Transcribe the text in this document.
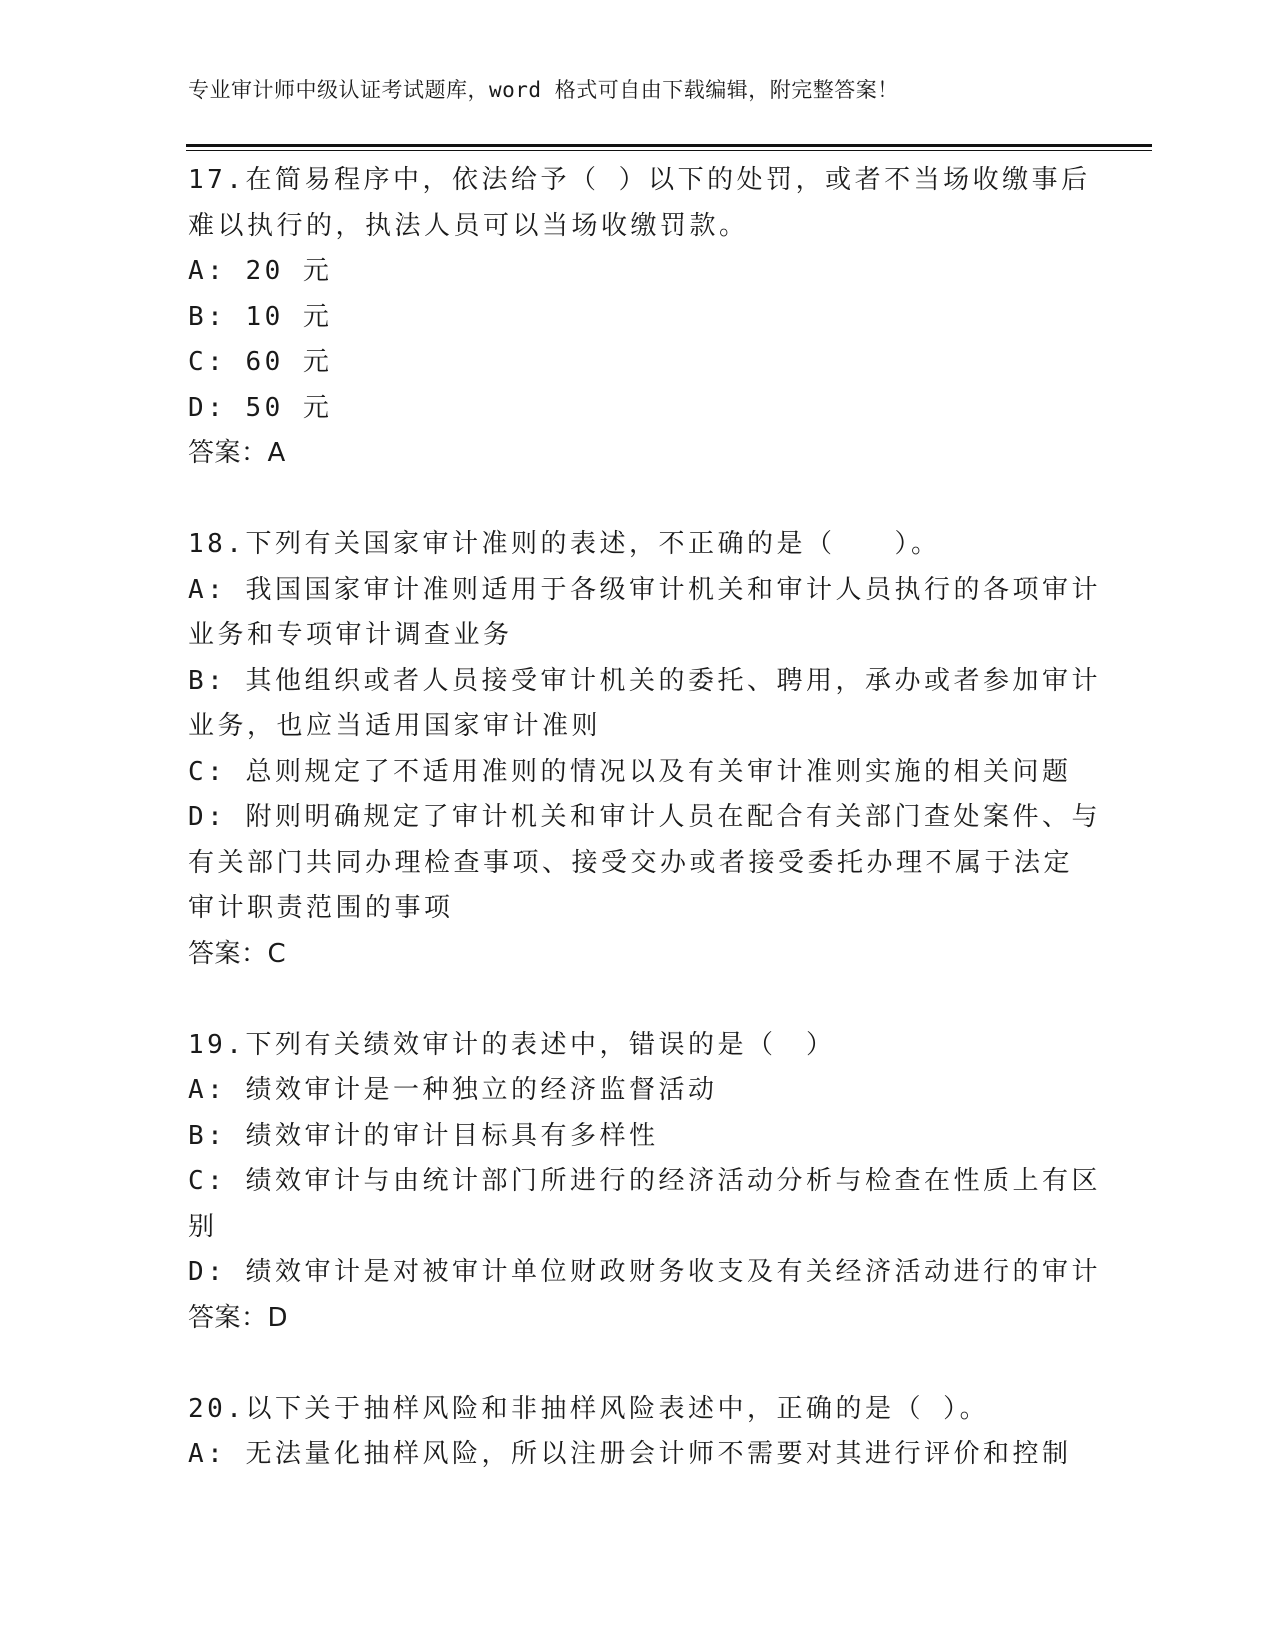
专业审计师中级认证考试题库，word 格式可自由下载编辑，附完整答案！
17.在简易程序中，依法给予（ ）以下的处罚，或者不当场收缴事后
难以执行的，执法人员可以当场收缴罚款。
A: 20 元
B: 10 元
C: 60 元
D: 50 元
答案：A
18.下列有关国家审计准则的表述，不正确的是（　　）。
A: 我国国家审计准则适用于各级审计机关和审计人员执行的各项审计
业务和专项审计调查业务
B: 其他组织或者人员接受审计机关的委托、聘用，承办或者参加审计
业务，也应当适用国家审计准则
C: 总则规定了不适用准则的情况以及有关审计准则实施的相关问题
D: 附则明确规定了审计机关和审计人员在配合有关部门查处案件、与
有关部门共同办理检查事项、接受交办或者接受委托办理不属于法定
审计职责范围的事项
答案：C
19.下列有关绩效审计的表述中，错误的是（　）
A: 绩效审计是一种独立的经济监督活动
B: 绩效审计的审计目标具有多样性
C: 绩效审计与由统计部门所进行的经济活动分析与检查在性质上有区
别
D: 绩效审计是对被审计单位财政财务收支及有关经济活动进行的审计
答案：D
20.以下关于抽样风险和非抽样风险表述中，正确的是（ ）。
A: 无法量化抽样风险，所以注册会计师不需要对其进行评价和控制
